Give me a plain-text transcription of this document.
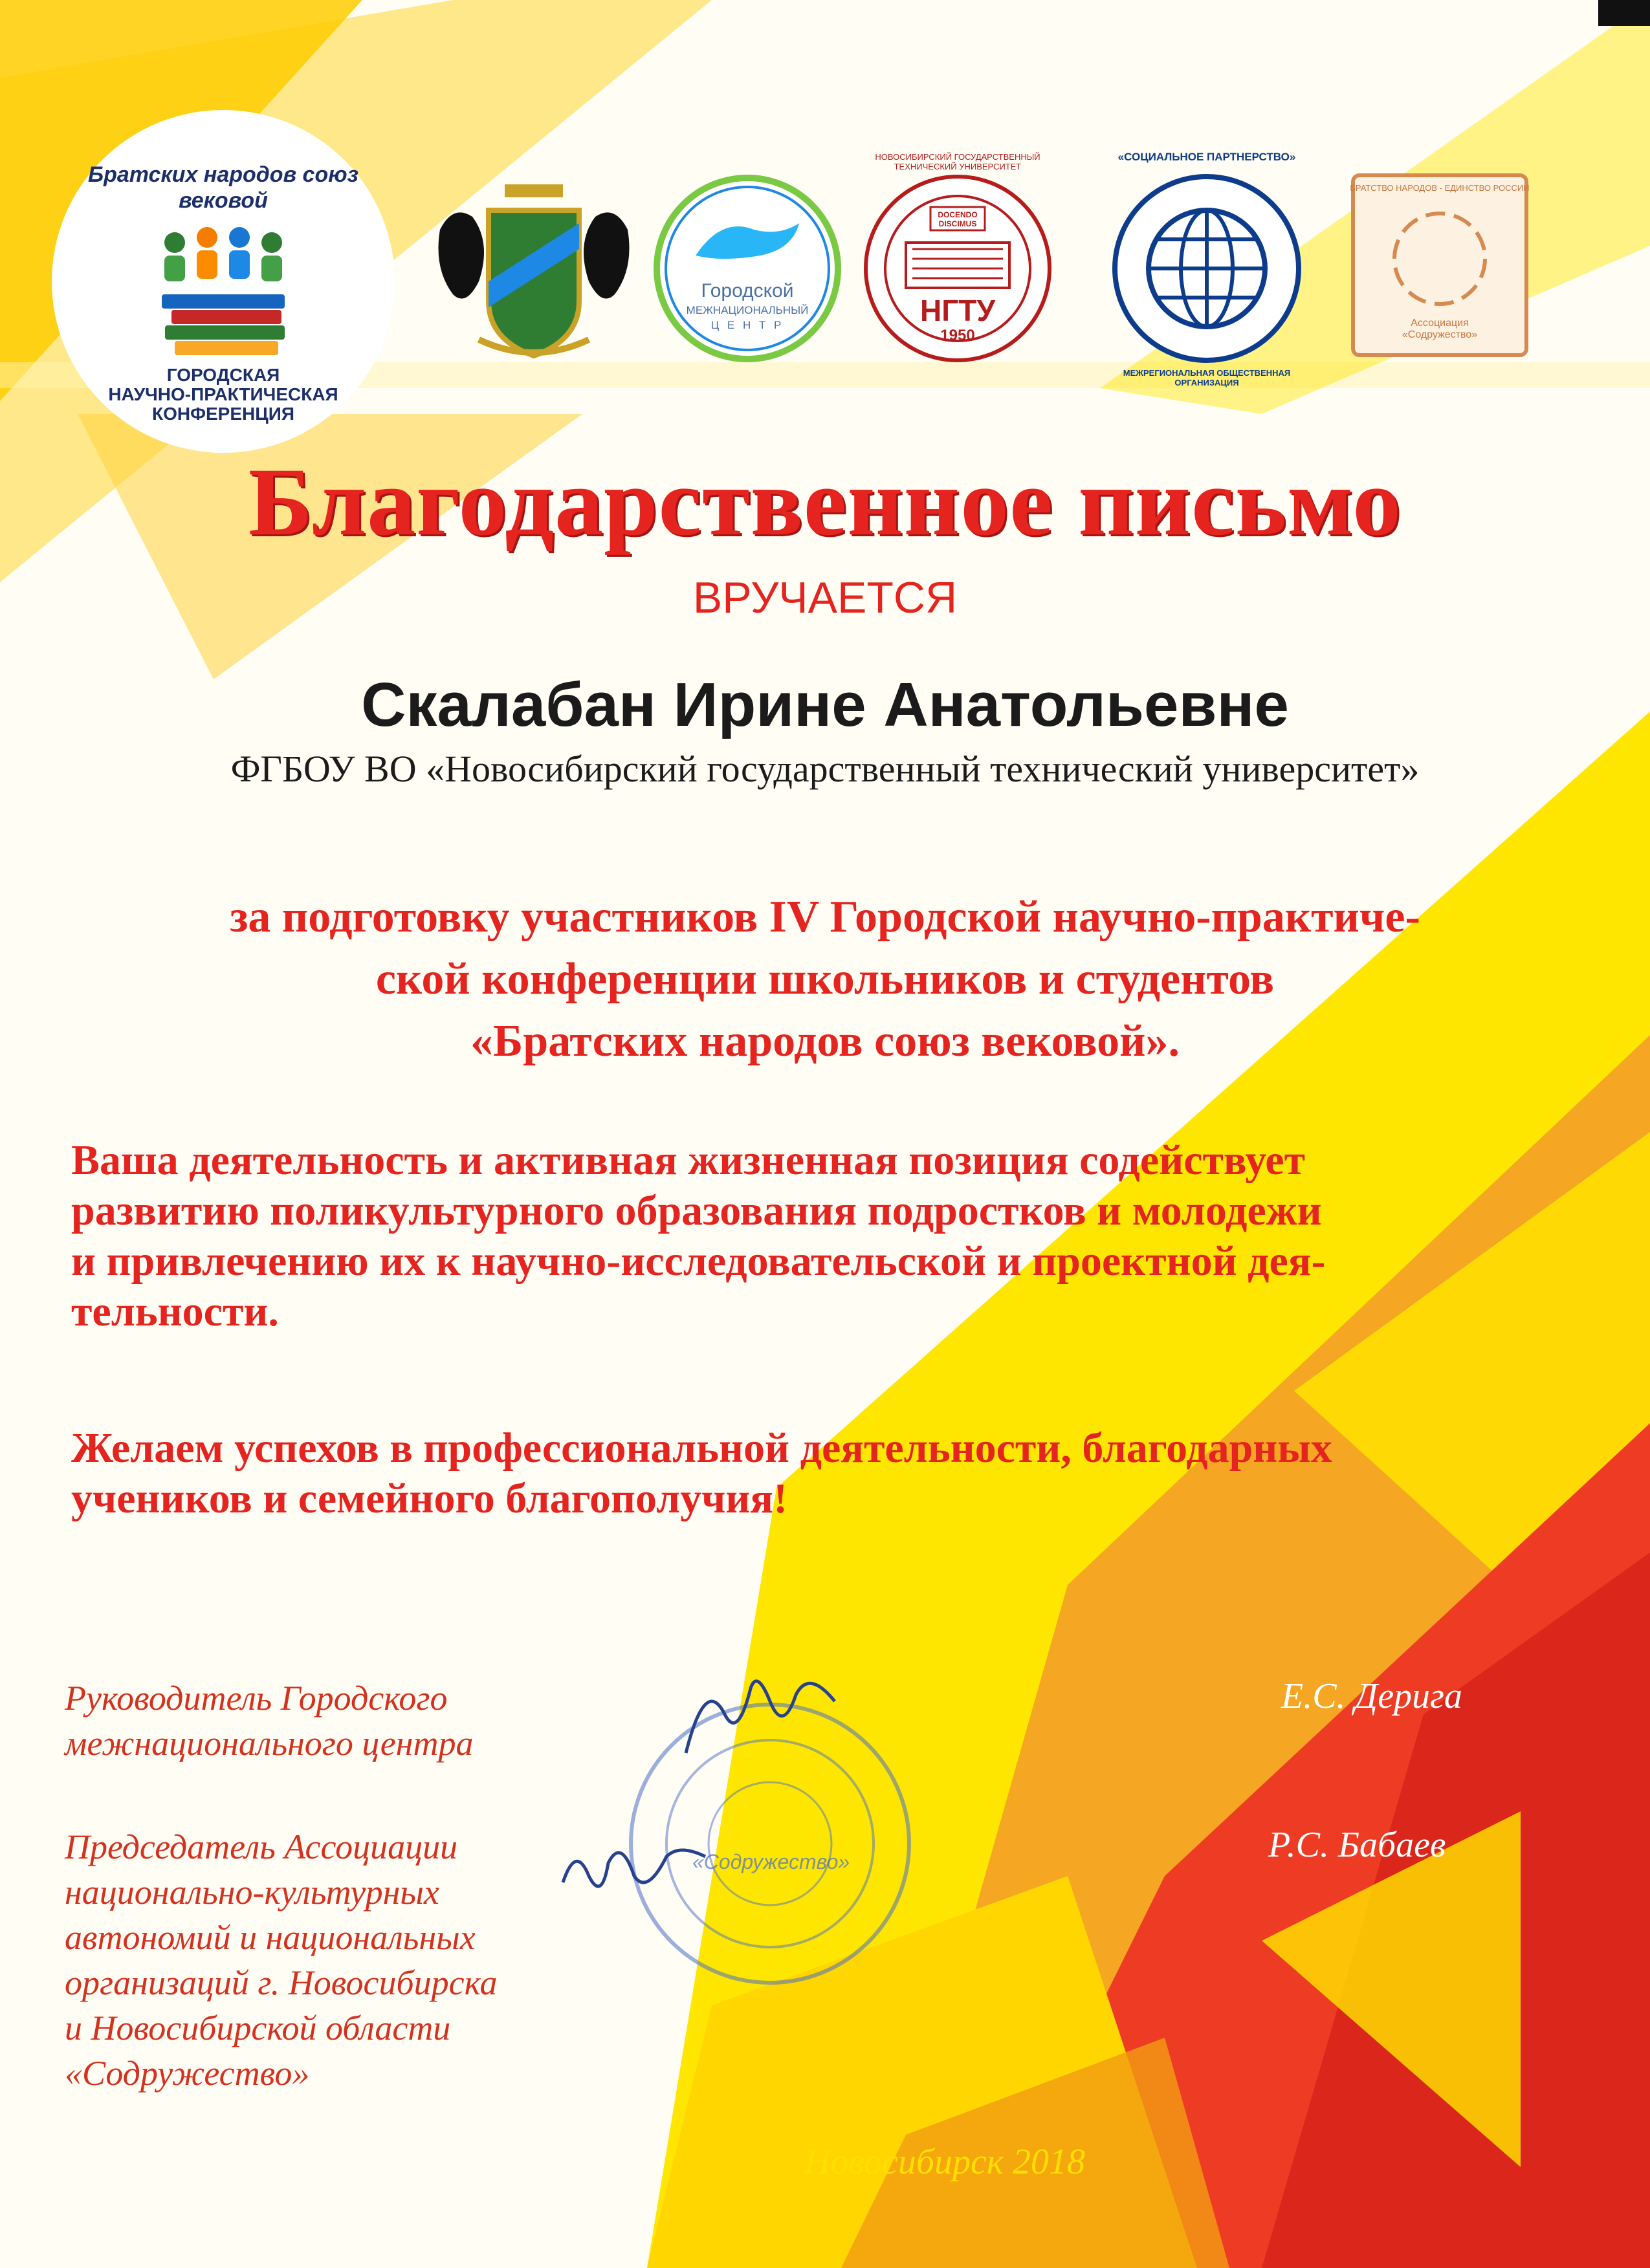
Братских народов союз вековой
ГОРОДСКАЯ
НАУЧНО-ПРАКТИЧЕСКАЯ
КОНФЕРЕНЦИЯ
Городской
МЕЖНАЦИОНАЛЬНЫЙ
Ц Е Н Т Р
DOCENDO DISCIMUS
НГТУ
1950
НОВОСИБИРСКИЙ ГОСУДАРСТВЕННЫЙ ТЕХНИЧЕСКИЙ УНИВЕРСИТЕТ
«СОЦИАЛЬНОЕ ПАРТНЕРСТВО»
МЕЖРЕГИОНАЛЬНАЯ ОБЩЕСТВЕННАЯ ОРГАНИЗАЦИЯ
БРАТСТВО НАРОДОВ - ЕДИНСТВО РОССИИ
Ассоциация
«Содружество»
Благодарственное письмо
ВРУЧАЕТСЯ
Скалабан Ирине Анатольевне
ФГБОУ ВО «Новосибирский государственный технический университет»
за подготовку участников IV Городской научно-практиче-
ской конференции школьников и студентов
«Братских народов союз вековой».
Ваша деятельность и активная жизненная позиция содействует
развитию поликультурного образования подростков и молодежи
и привлечению их к научно-исследовательской и проектной дея-
тельности.
Желаем успехов в профессиональной деятельности, благодарных
учеников и семейного благополучия!
Руководитель Городского
межнационального центра
Е.С. Дерига
Председатель Ассоциации
национально-культурных
автономий и национальных
организаций г. Новосибирска
и Новосибирской области
«Содружество»
Р.С. Бабаев
«Содружество»
Новосибирск 2018
